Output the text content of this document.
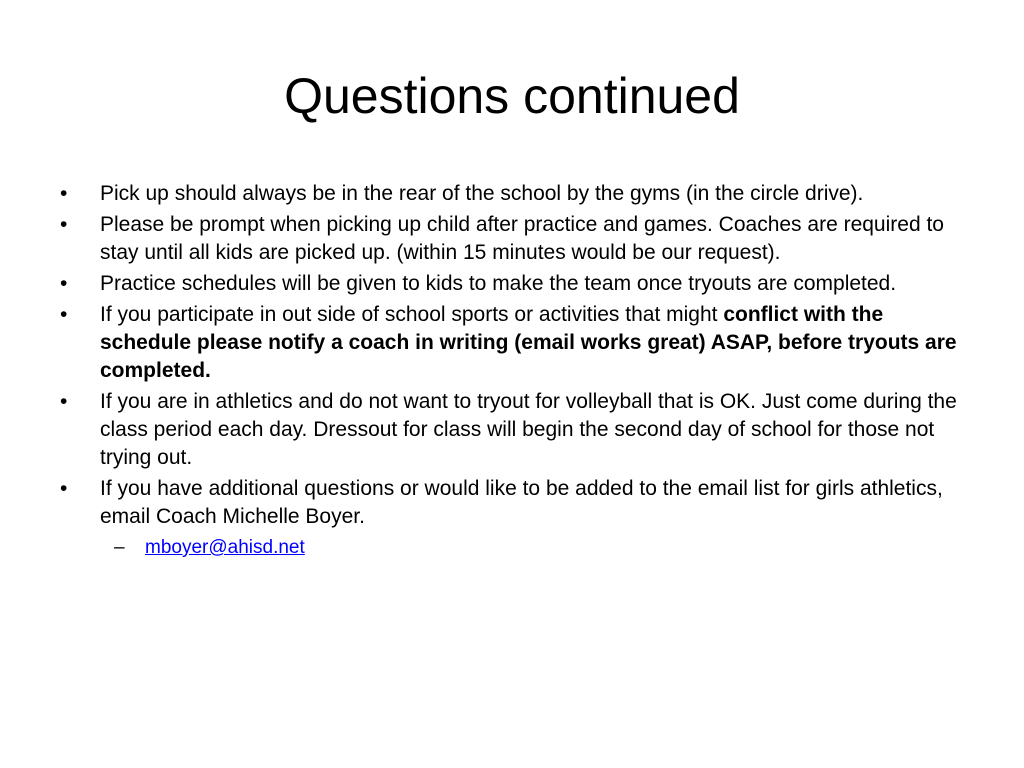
Questions continued
• Pick up should always be in the rear of the school by the gyms (in the circle drive).
• Please be prompt when picking up child after practice and games. Coaches are required to stay until all kids are picked up. (within 15 minutes would be our request).
• Practice schedules will be given to kids to make the team once tryouts are completed.
• If you participate in out side of school sports or activities that might conflict with the schedule please notify a coach in writing (email works great) ASAP, before tryouts are completed.
• If you are in athletics and do not want to tryout for volleyball that is OK. Just come during the class period each day. Dressout for class will begin the second day of school for those not trying out.
• If you have additional questions or would like to be added to the email list for girls athletics, email Coach Michelle Boyer.
– mboyer@ahisd.net
